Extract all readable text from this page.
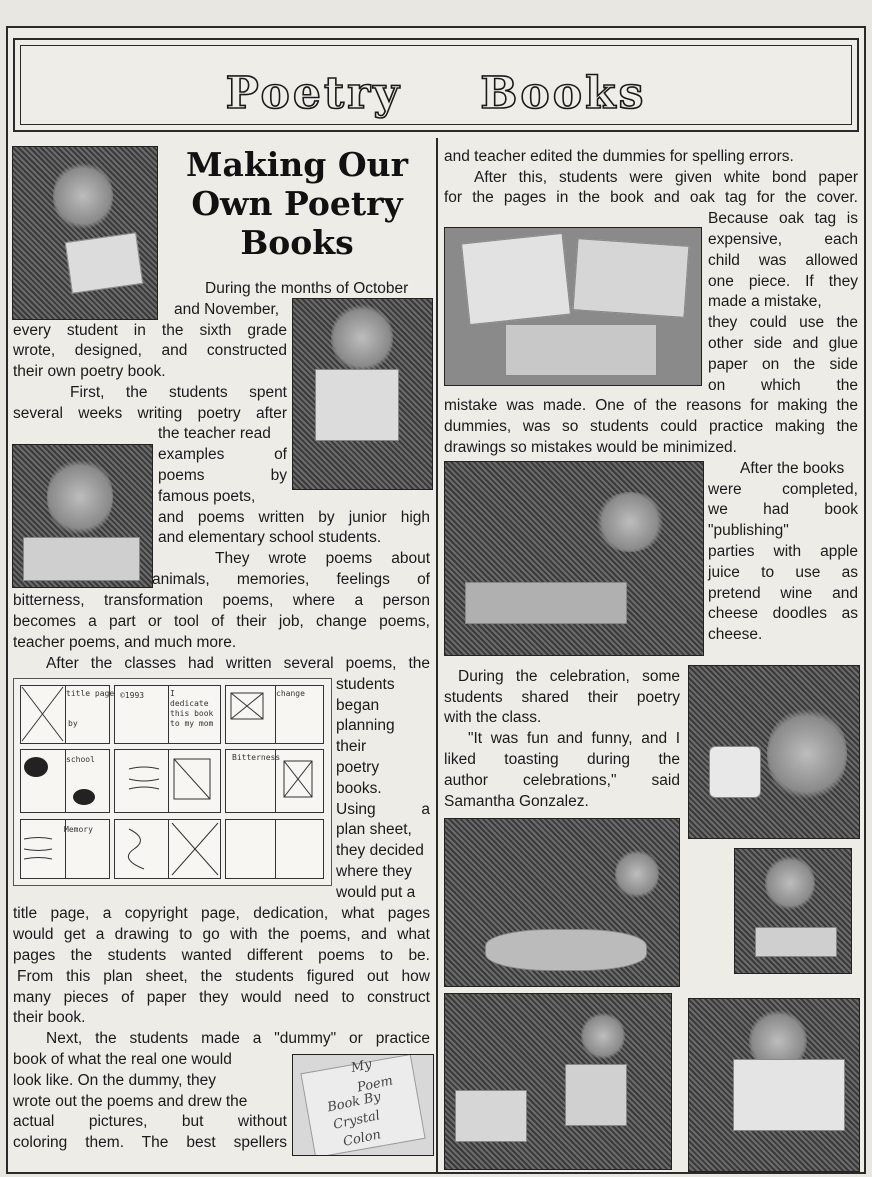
Poetry Books
title page
by
©1993	I dedicate this book to my mom
change
school	Bitterness
Memory
My
Poem
Book By
Crystal
Colon
Making Our
Own Poetry
Books

During the months of October

and November,

every student in the sixth grade

wrote, designed, and constructed

their own poetry book.

First, the students spent

several weeks writing poetry after

the teacher read

examples of

poems by

famous poets,

and poems written by junior high

and elementary school students.

They wrote poems about

animals, memories, feelings of

bitterness, transformation poems, where a person

becomes a part or tool of their job, change poems,

teacher poems, and much more.

After the classes had written several poems, the

students

began

planning

their

poetry

books.

Using a

plan sheet,

they decided

where they

would put a

title page, a copyright page, dedication, what pages

would get a drawing to go with the poems, and what

pages the students wanted different poems to be.

From this plan sheet, the students figured out how

many pieces of paper they would need to construct

their book.

Next, the students made a "dummy" or practice

book of what the real one would

look like. On the dummy, they

wrote out the poems and drew the

actual pictures, but without

coloring them. The best spellers

and teacher edited the dummies for spelling errors.

After this, students were given white bond paper

for the pages in the book and oak tag for the cover.

Because oak tag is

expensive, each

child was allowed

one piece. If they

made a mistake,

they could use the

other side and glue

paper on the side

on which the

mistake was made. One of the reasons for making the

dummies, was so students could practice making the

drawings so mistakes would be minimized.

After the books

were completed,

we had book

"publishing"

parties with apple

juice to use as

pretend wine and

cheese doodles as

cheese.

During the celebration, some

students shared their poetry

with the class.

"It was fun and funny, and I

liked toasting during the

author celebrations," said

Samantha Gonzalez.
